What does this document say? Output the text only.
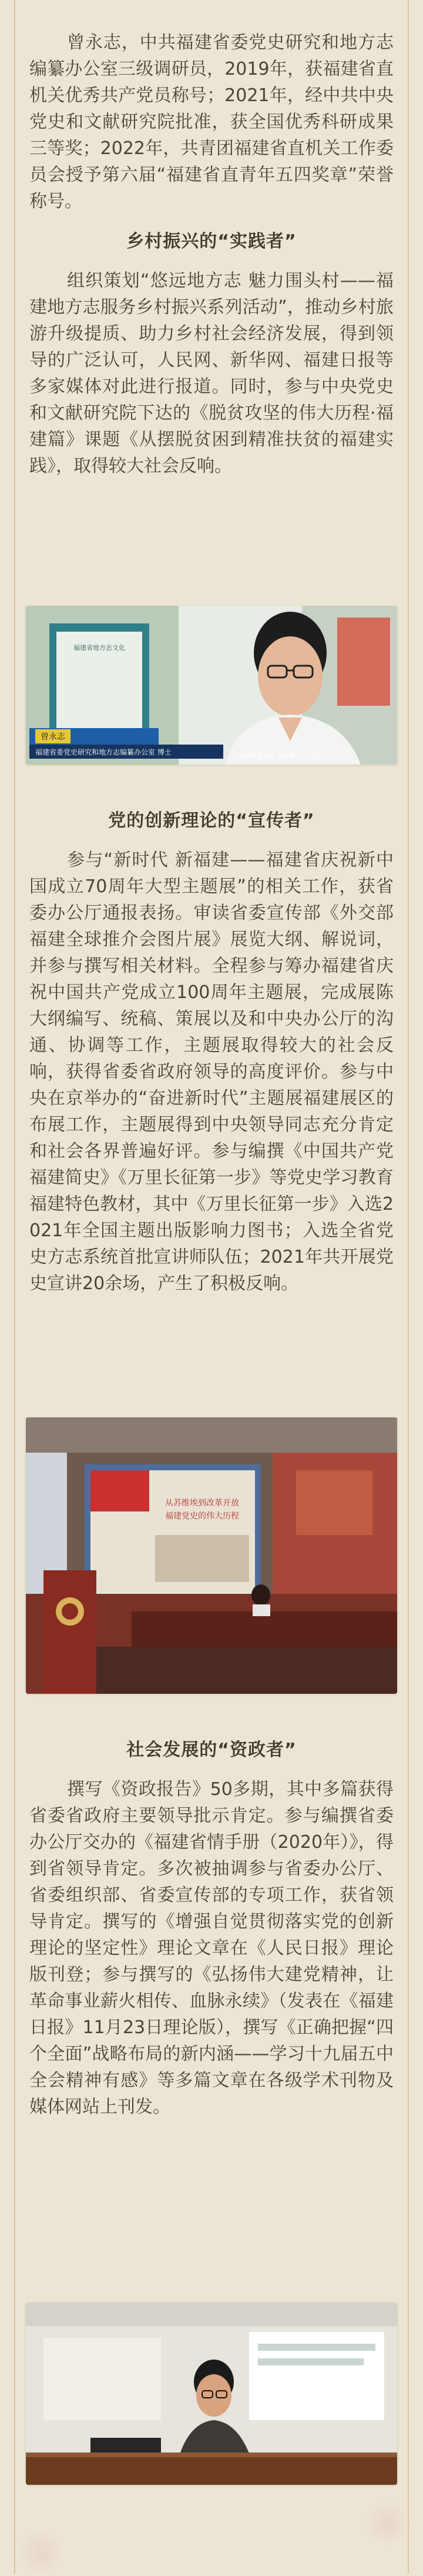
曾永志，中共福建省委党史研究和地方志编纂办公室三级调研员，2019年，获福建省直机关优秀共产党员称号；2021年，经中共中央党史和文献研究院批准，获全国优秀科研成果三等奖；2022年，共青团福建省直机关工作委员会授予第六届“福建省直青年五四奖章”荣誉称号。

乡村振兴的“实践者”

组织策划“悠远地方志 魅力围头村——福建地方志服务乡村振兴系列活动”，推动乡村旅游升级提质、助力乡村社会经济发展，得到领导的广泛认可，人民网、新华网、福建日报等多家媒体对此进行报道。同时，参与中央党史和文献研究院下达的《脱贫攻坚的伟大历程·福建篇》课题《从摆脱贫困到精准扶贫的福建实践》，取得较大社会反响。

福建省地方志文化
曾永志
福建省委党史研究和地方志编纂办公室 博士	与福建省地方志编纂中心同志
党的创新理论的“宣传者”

参与“新时代 新福建——福建省庆祝新中国成立70周年大型主题展”的相关工作，获省委办公厅通报表扬。审读省委宣传部《外交部福建全球推介会图片展》展览大纲、解说词，并参与撰写相关材料。全程参与筹办福建省庆祝中国共产党成立100周年主题展，完成展陈大纲编写、统稿、策展以及和中央办公厅的沟通、协调等工作，主题展取得较大的社会反响，获得省委省政府领导的高度评价。参与中央在京举办的“奋进新时代”主题展福建展区的布展工作，主题展得到中央领导同志充分肯定和社会各界普遍好评。参与编撰《中国共产党福建简史》《万里长征第一步》等党史学习教育福建特色教材，其中《万里长征第一步》入选2021年全国主题出版影响力图书；入选全省党史方志系统首批宣讲师队伍；2021年共开展党史宣讲20余场，产生了积极反响。

从苏维埃到改革开放
福建党史的伟大历程
社会发展的“资政者”

撰写《资政报告》50多期，其中多篇获得省委省政府主要领导批示肯定。参与编撰省委办公厅交办的《福建省情手册（2020年）》，得到省领导肯定。多次被抽调参与省委办公厅、省委组织部、省委宣传部的专项工作，获省领导肯定。撰写的《增强自觉贯彻落实党的创新理论的坚定性》理论文章在《人民日报》理论版刊登；参与撰写的《弘扬伟大建党精神，让革命事业薪火相传、血脉永续》（发表在《福建日报》11月23日理论版），撰写《正确把握“四个全面”战略布局的新内涵——学习十九届五中全会精神有感》等多篇文章在各级学术刊物及媒体网站上刊发。
